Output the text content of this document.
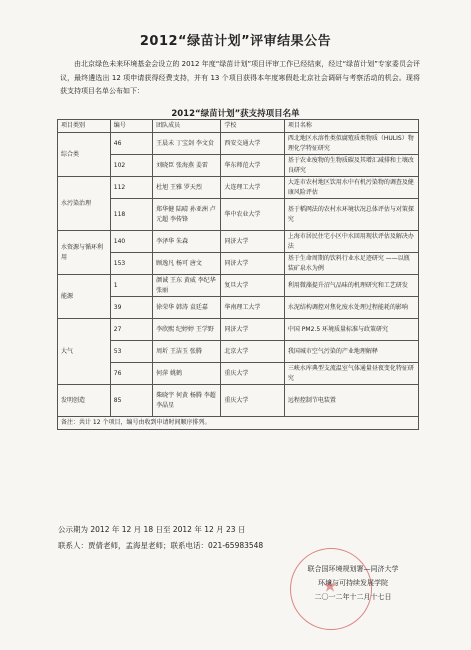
2012“绿苗计划”评审结果公告
由北京绿色未来环境基金会设立的 2012 年度“绿苗计划”项目评审工作已经结束，经过“绿苗计划”专家委员会评议，最终遴选出 12 项申请获得经费支持，并有 13 个项目获得本年度寒假赴北京社会调研与考察活动的机会。现将获支持项目名单公布如下：
2012“绿苗计划”获支持项目名单
项目类别	编号	团队成员	学校	项目名称
综合类	46	王晨未 丁宝剑 李文贲	西安交通大学	西北地区水溶性类似腐殖质类物质（HULIS）物理化学特征研究
	102	刘晓臣 张海燕 姜雷	华东师范大学	基于农业废物的生物质碳及其增汇减排和土壤改良研究
水污染治理	112	杜旭 王雅 罗天烈	大连理工大学	大连市农村地区饮用水中有机污染物的调查及健康风险评估
	118	郑华健 陆晴 孙亚洲 卢元超 李传锋	华中农业大学	基于稻网法的农村水环境状况总体评估与对策探究
水资源与循环利用	140	李泽华 朱森	同济大学	上海市居民住宅小区中水回用现状评估及解决办法
	153	顾逸凡 杨可 唐文	同济大学	基于生命周期的饮料行业水足迹研究 ——以瓶装矿泉水为例
能源	1	颜诚 王东 黄威 李纪华 张丽	复旦大学	利用微藻提升沼气品味的机理研究和工艺研发
	39	徐荣华 韩涛 袁廷嘉	华南理工大学	水泥结构调控对焦化废水处理过程能耗的影响
大气	27	李欣熙 纪婷婷 王学野	同济大学	中国 PM2.5 环境质量标准与政策研究
	53	周圻 王洁玉 张腾	北京大学	我国城市空气污染的产业地理解释
	76	何萍 姚鹤	重庆大学	三峡水库典型支流温室气体通量昼夜变化特征研究
发明创造	85	柴晓宇 何黄 杨腾 李超 李晶星	重庆大学	远程控制节电装置
备注：共计 12 个项目，编号由收到申请时间顺序排列。				
公示期为 2012 年 12 月 18 日至 2012 年 12 月 23 日
联系人：贾倩老师，孟海星老师；联系电话：021-65983548
联合国环境规划署—同济大学
环境与可持续发展学院
二〇一二年十二月十七日
